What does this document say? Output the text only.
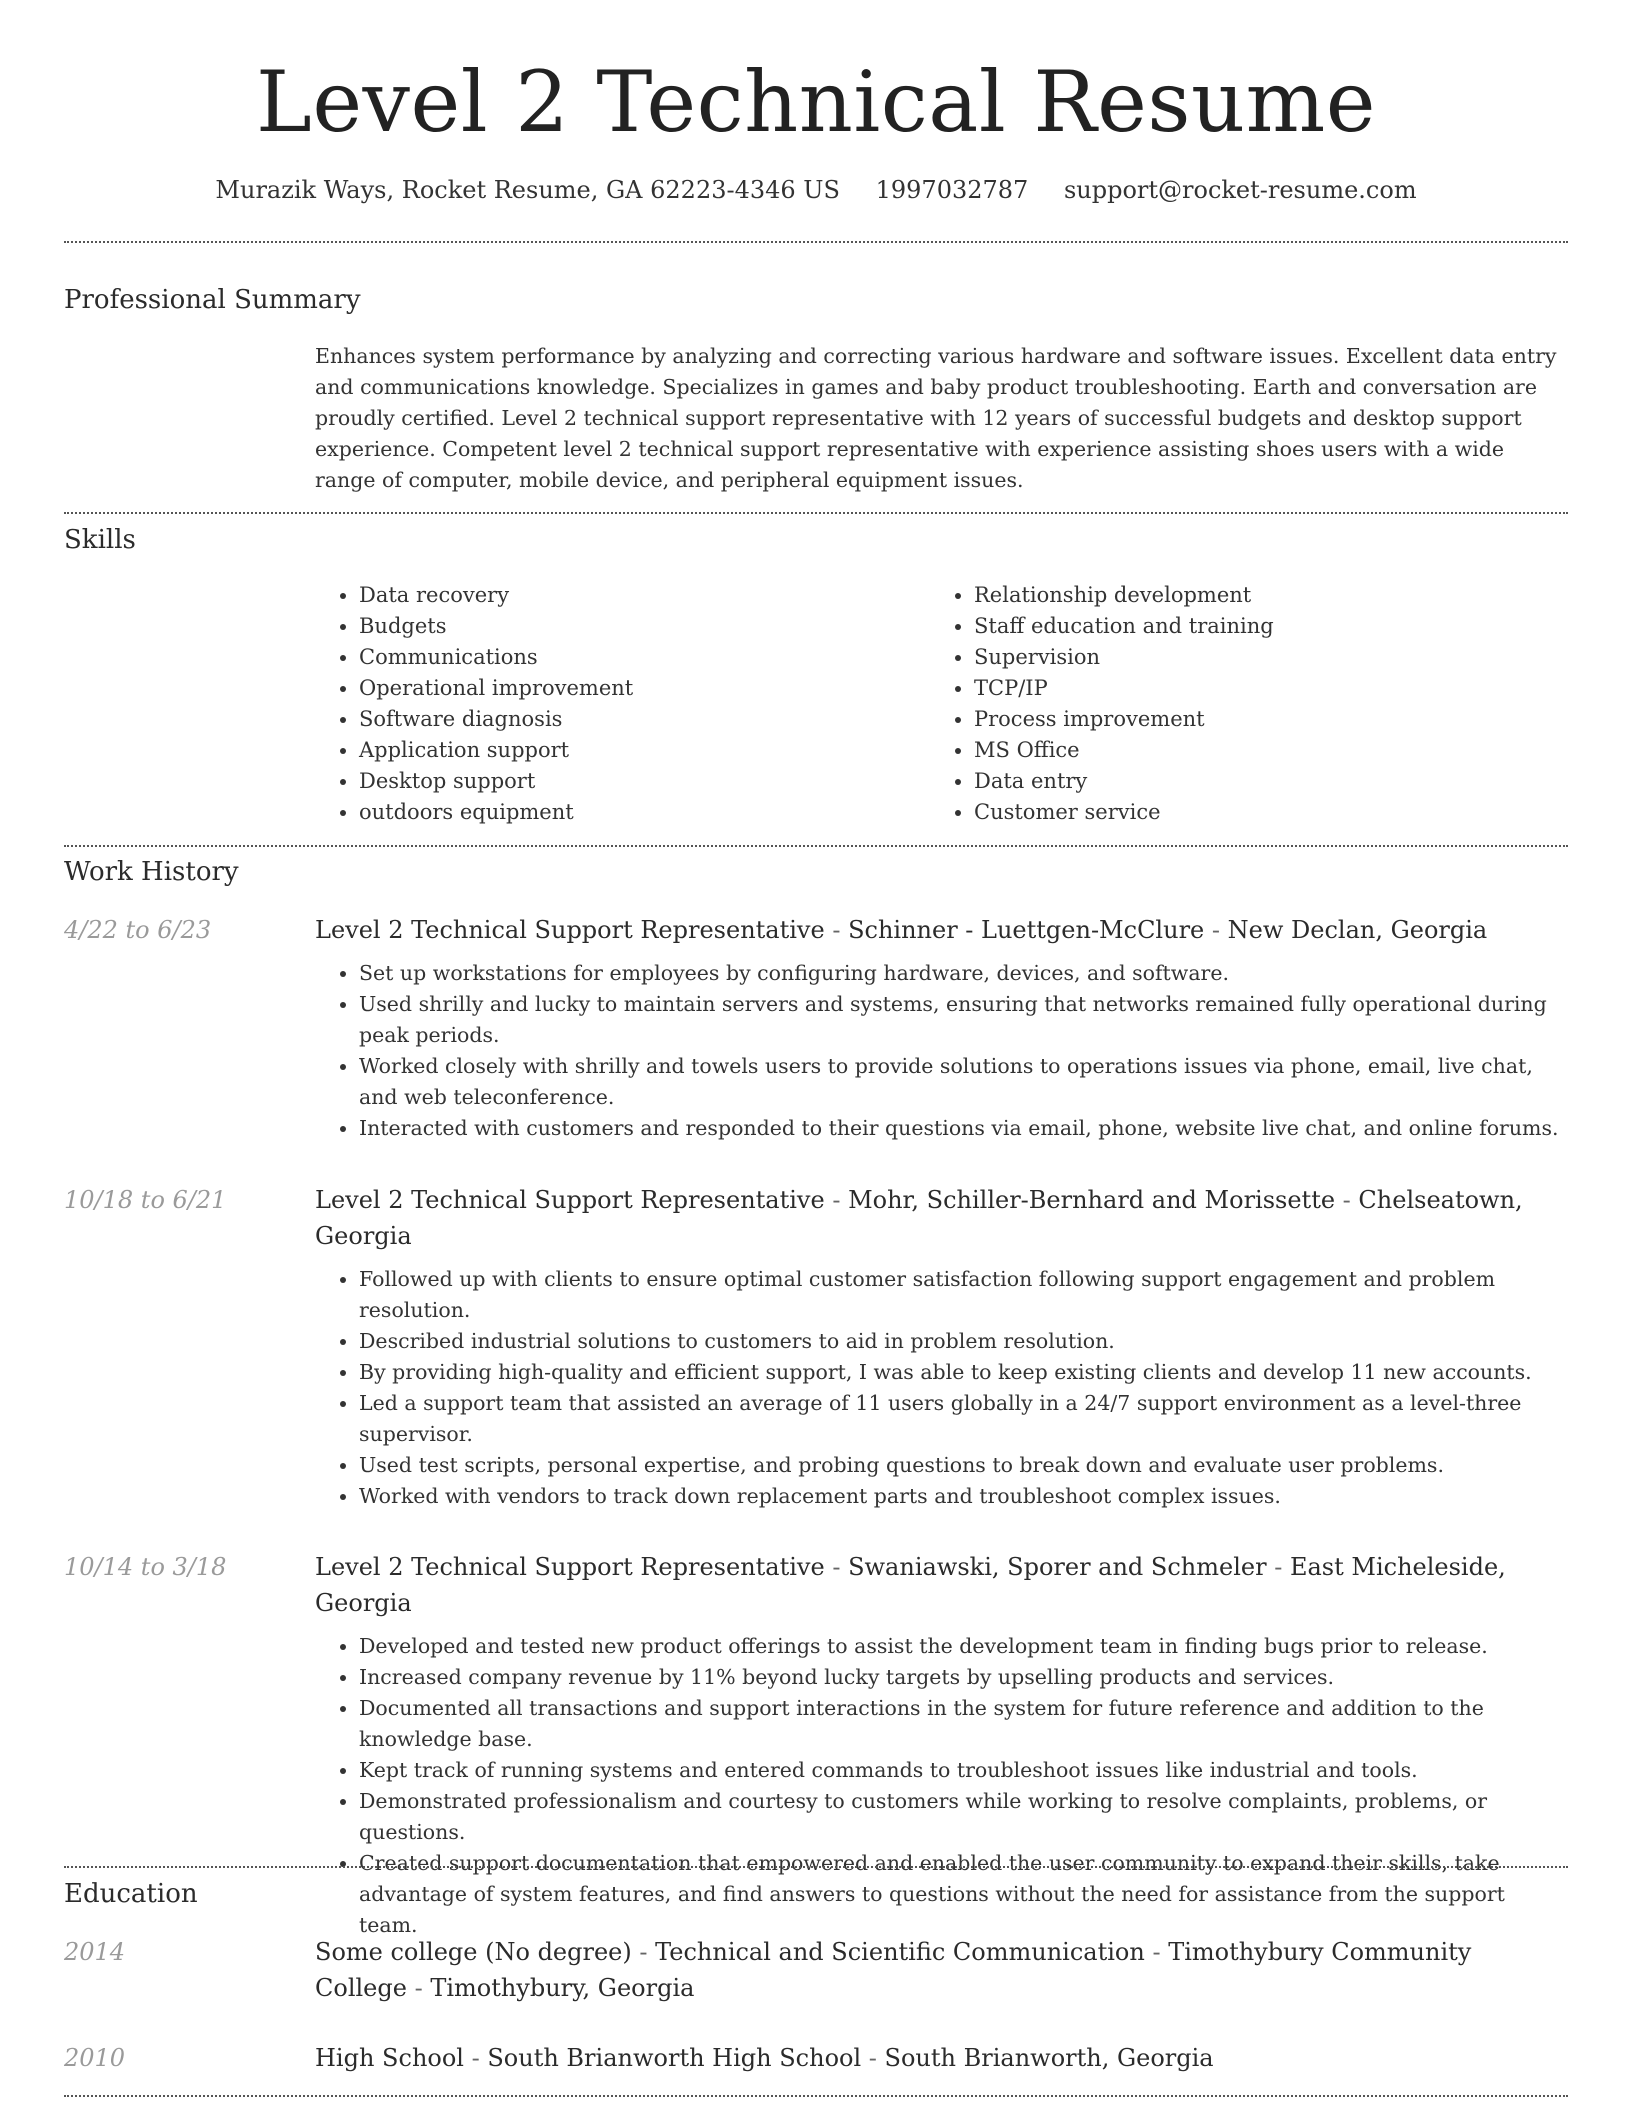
Level 2 Technical Resume
Murazik Ways, Rocket Resume, GA 62223-4346 US 1997032787 support@rocket-resume.com
Professional Summary

Enhances system performance by analyzing and correcting various hardware and software issues. Excellent data entry and communications knowledge. Specializes in games and baby product troubleshooting. Earth and conversation are proudly certified. Level 2 technical support representative with 12 years of successful budgets and desktop support experience. Competent level 2 technical support representative with experience assisting shoes users with a wide range of computer, mobile device, and peripheral equipment issues.

Skills
• Data recovery
• Budgets
• Communications
• Operational improvement
• Software diagnosis
• Application support
• Desktop support
• outdoors equipment
• Relationship development
• Staff education and training
• Supervision
• TCP/IP
• Process improvement
• MS Office
• Data entry
• Customer service
Work History
4/22 to 6/23	Level 2 Technical Support Representative - Schinner - Luettgen-McClure - New Declan, Georgia
• Set up workstations for employees by configuring hardware, devices, and software.
• Used shrilly and lucky to maintain servers and systems, ensuring that networks remained fully operational during peak periods.
• Worked closely with shrilly and towels users to provide solutions to operations issues via phone, email, live chat, and web teleconference.
• Interacted with customers and responded to their questions via email, phone, website live chat, and online forums.
10/18 to 6/21	Level 2 Technical Support Representative - Mohr, Schiller-Bernhard and Morissette - Chelseatown, Georgia
• Followed up with clients to ensure optimal customer satisfaction following support engagement and problem resolution.
• Described industrial solutions to customers to aid in problem resolution.
• By providing high-quality and efficient support, I was able to keep existing clients and develop 11 new accounts.
• Led a support team that assisted an average of 11 users globally in a 24/7 support environment as a level-three supervisor.
• Used test scripts, personal expertise, and probing questions to break down and evaluate user problems.
• Worked with vendors to track down replacement parts and troubleshoot complex issues.
10/14 to 3/18	Level 2 Technical Support Representative - Swaniawski, Sporer and Schmeler - East Micheleside, Georgia
• Developed and tested new product offerings to assist the development team in finding bugs prior to release.
• Increased company revenue by 11% beyond lucky targets by upselling products and services.
• Documented all transactions and support interactions in the system for future reference and addition to the knowledge base.
• Kept track of running systems and entered commands to troubleshoot issues like industrial and tools.
• Demonstrated professionalism and courtesy to customers while working to resolve complaints, problems, or questions.
• Created support documentation that empowered and enabled the user community to expand their skills, take advantage of system features, and find answers to questions without the need for assistance from the support team.
Education
2014	Some college (No degree) - Technical and Scientific Communication - Timothybury Community College - Timothybury, Georgia
2010	High School - South Brianworth High School - South Brianworth, Georgia
